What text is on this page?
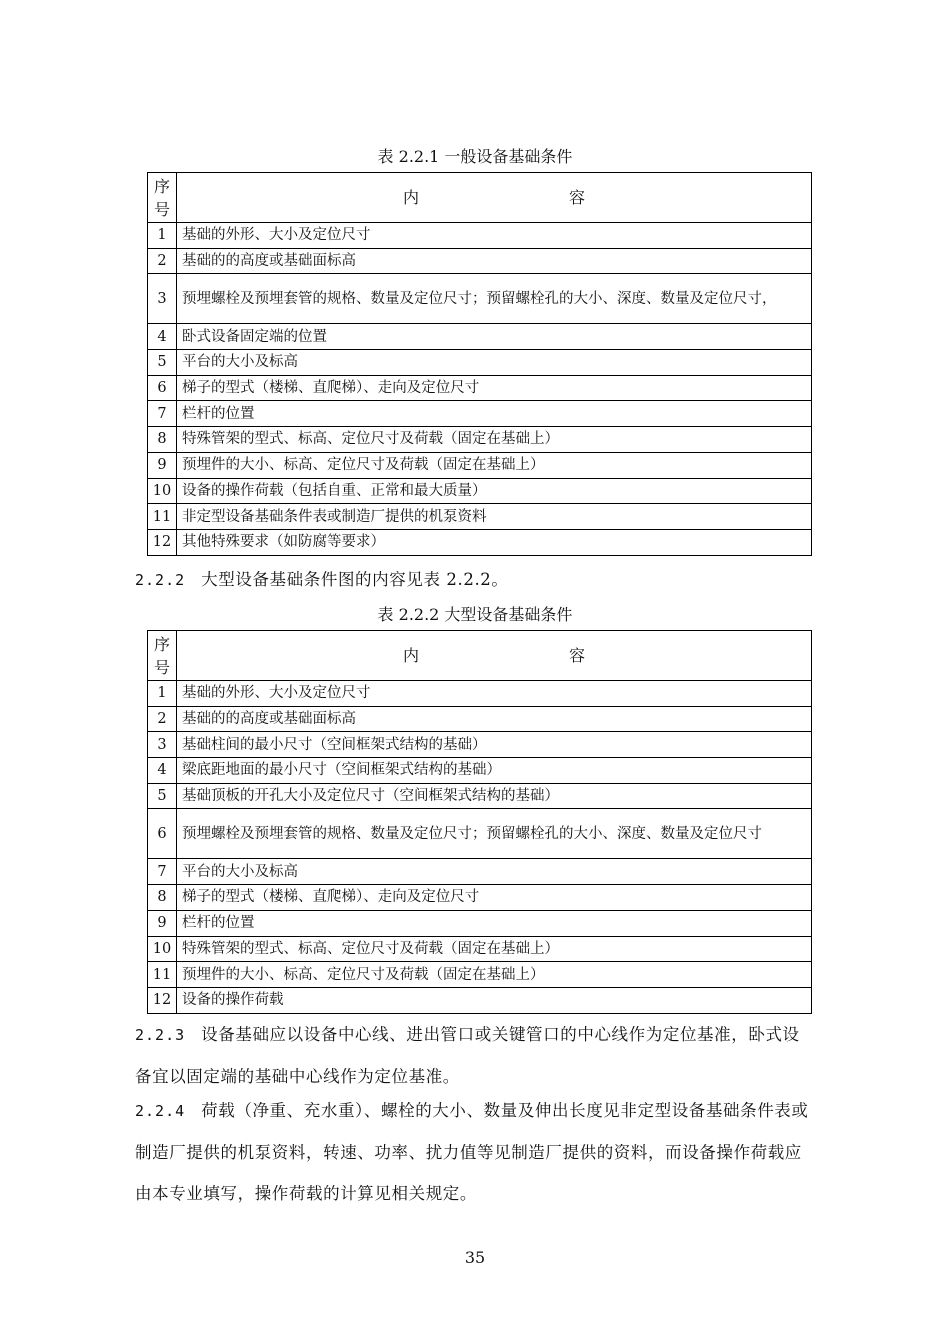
表 2.2.1 一般设备基础条件
序号	内 容

1	基础的外形、大小及定位尺寸
2	基础的的高度或基础面标高
3	预埋螺栓及预埋套管的规格、数量及定位尺寸；预留螺栓孔的大小、深度、数量及定位尺寸，
4	卧式设备固定端的位置
5	平台的大小及标高
6	梯子的型式（楼梯、直爬梯）、走向及定位尺寸
7	栏杆的位置
8	特殊管架的型式、标高、定位尺寸及荷载（固定在基础上）
9	预埋件的大小、标高、定位尺寸及荷载（固定在基础上）
10	设备的操作荷载（包括自重、正常和最大质量）
11	非定型设备基础条件表或制造厂提供的机泵资料
12	其他特殊要求（如防腐等要求）
2.2.2 大型设备基础条件图的内容见表 2.2.2。
表 2.2.2 大型设备基础条件
序号	内 容

1	基础的外形、大小及定位尺寸
2	基础的的高度或基础面标高
3	基础柱间的最小尺寸（空间框架式结构的基础）
4	梁底距地面的最小尺寸（空间框架式结构的基础）
5	基础顶板的开孔大小及定位尺寸（空间框架式结构的基础）
6	预埋螺栓及预埋套管的规格、数量及定位尺寸；预留螺栓孔的大小、深度、数量及定位尺寸
7	平台的大小及标高
8	梯子的型式（楼梯、直爬梯）、走向及定位尺寸
9	栏杆的位置
10	特殊管架的型式、标高、定位尺寸及荷载（固定在基础上）
11	预埋件的大小、标高、定位尺寸及荷载（固定在基础上）
12	设备的操作荷载
2.2.3 设备基础应以设备中心线、进出管口或关键管口的中心线作为定位基准，卧式设备宜以固定端的基础中心线作为定位基准。
2.2.4 荷载（净重、充水重）、螺栓的大小、数量及伸出长度见非定型设备基础条件表或制造厂提供的机泵资料，转速、功率、扰力值等见制造厂提供的资料，而设备操作荷载应由本专业填写，操作荷载的计算见相关规定。
35
